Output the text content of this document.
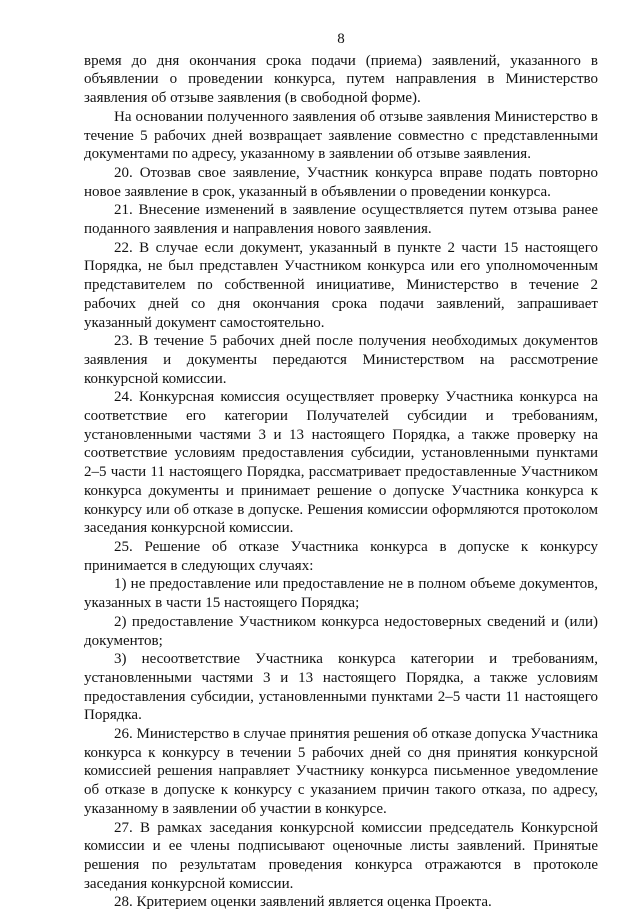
8

время до дня окончания срока подачи (приема) заявлений, указанного в объявлении о проведении конкурса, путем направления в Министерство заявления об отзыве заявления (в свободной форме).

На основании полученного заявления об отзыве заявления Министерство в течение 5 рабочих дней возвращает заявление совместно с представленными документами по адресу, указанному в заявлении об отзыве заявления.

20. Отозвав свое заявление, Участник конкурса вправе подать повторно новое заявление в срок, указанный в объявлении о проведении конкурса.

21. Внесение изменений в заявление осуществляется путем отзыва ранее поданного заявления и направления нового заявления.

22. В случае если документ, указанный в пункте 2 части 15 настоящего Порядка, не был представлен Участником конкурса или его уполномоченным представителем по собственной инициативе, Министерство в течение 2 рабочих дней со дня окончания срока подачи заявлений, запрашивает указанный документ самостоятельно.

23. В течение 5 рабочих дней после получения необходимых документов заявления и документы передаются Министерством на рассмотрение конкурсной комиссии.

24. Конкурсная комиссия осуществляет проверку Участника конкурса на соответствие его категории Получателей субсидии и требованиям, установленными частями 3 и 13 настоящего Порядка, а также проверку на соответствие условиям предоставления субсидии, установленными пунктами 2–5 части 11 настоящего Порядка, рассматривает предоставленные Участником конкурса документы и принимает решение о допуске Участника конкурса к конкурсу или об отказе в допуске. Решения комиссии оформляются протоколом заседания конкурсной комиссии.

25. Решение об отказе Участника конкурса в допуске к конкурсу принимается в следующих случаях:

1) не предоставление или предоставление не в полном объеме документов, указанных в части 15 настоящего Порядка;

2) предоставление Участником конкурса недостоверных сведений и (или) документов;

3) несоответствие Участника конкурса категории и требованиям, установленными частями 3 и 13 настоящего Порядка, а также условиям предоставления субсидии, установленными пунктами 2–5 части 11 настоящего Порядка.

26. Министерство в случае принятия решения об отказе допуска Участника конкурса к конкурсу в течении 5 рабочих дней со дня принятия конкурсной комиссией решения направляет Участнику конкурса письменное уведомление об отказе в допуске к конкурсу с указанием причин такого отказа, по адресу, указанному в заявлении об участии в конкурсе.

27. В рамках заседания конкурсной комиссии председатель Конкурсной комиссии и ее члены подписывают оценочные листы заявлений. Принятые решения по результатам проведения конкурса отражаются в протоколе заседания конкурсной комиссии.

28. Критерием оценки заявлений является оценка Проекта.
